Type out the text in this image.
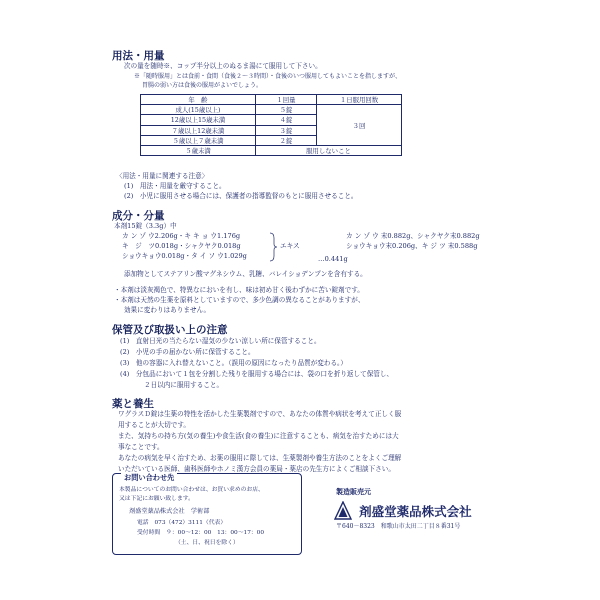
用法・用量
次の量を随時※、コップ半分以上のぬるま湯にて服用して下さい。
※「随時服用」とは食前・食間（食後２～３時間）・食後のいつ服用してもよいことを指しますが、
胃腸の弱い方は食後の服用がよいでしょう。
年　齢	１回量	１日服用回数
成人(15歳以上)	５錠	３回
12歳以上15歳未満	４錠	
７歳以上12歳未満	３錠	
５歳以上７歳未満	２錠	
５歳未満	服用しないこと	
〈用法・用量に関連する注意〉
(1)　用法・用量を厳守すること。
(2)　小児に服用させる場合には、保護者の指導監督のもとに服用させること。
成分・分量
本剤15錠（3.3g）中
カ ン ゾ ウ2.206g・キ キ ョ ウ1.176g
キ　ジ　ツ0.018g・シャクヤク0.018g
ショウキョウ0.018g・タ イ ソ ウ1.029g
エキス
…0.441g
カ ン ゾ ウ 末0.882g、シャクヤク末0.882g
ショウキョウ末0.206g、キ ジ ツ 末0.588g
添加物としてステアリン酸マグネシウム、乳糖、バレイショデンプンを含有する。
・本剤は淡灰褐色で、特異なにおいを有し、味は初め甘く後わずかに苦い錠剤です。
・本剤は天然の生薬を原料としていますので、多少色調の異なることがありますが、
効果に変わりはありません。
保管及び取扱い上の注意
(1)　直射日光の当たらない湿気の少ない涼しい所に保管すること。
(2)　小児の手の届かない所に保管すること。
(3)　他の容器に入れ替えないこと。（誤用の原因になったり品質が変わる。）
(4)　分包品において１包を分割した残りを服用する場合には、袋の口を折り返して保管し、
２日以内に服用すること。
薬と養生
ワグラスＤ錠は生薬の特性を活かした生薬製剤ですので、あなたの体質や病状を考えて正しく服
用することが大切です。
また、気持ちの持ち方(気の養生)や食生活(食の養生)に注意することも、病気を治すためには大
事なことです。
あなたの病気を早く治すため、お薬の服用に際しては、生薬製剤や養生方法のことをよくご理解
いただいている医師、歯科医師やホノミ漢方会員の薬局・薬店の先生方によくご相談下さい。
お問い合わせ先
本製品についてのお問い合わせは、お買い求めのお店、
又は下記にお願い致します。
剤盛堂薬品株式会社　学術部
電話 073（472）3111（代表）
受付時間 ９：00～12：00　13：00～17：00
（土、日、祝日を除く）
製造販売元
剤盛堂薬品株式会社
〒640－8323　和歌山市太田二丁目８番31号
